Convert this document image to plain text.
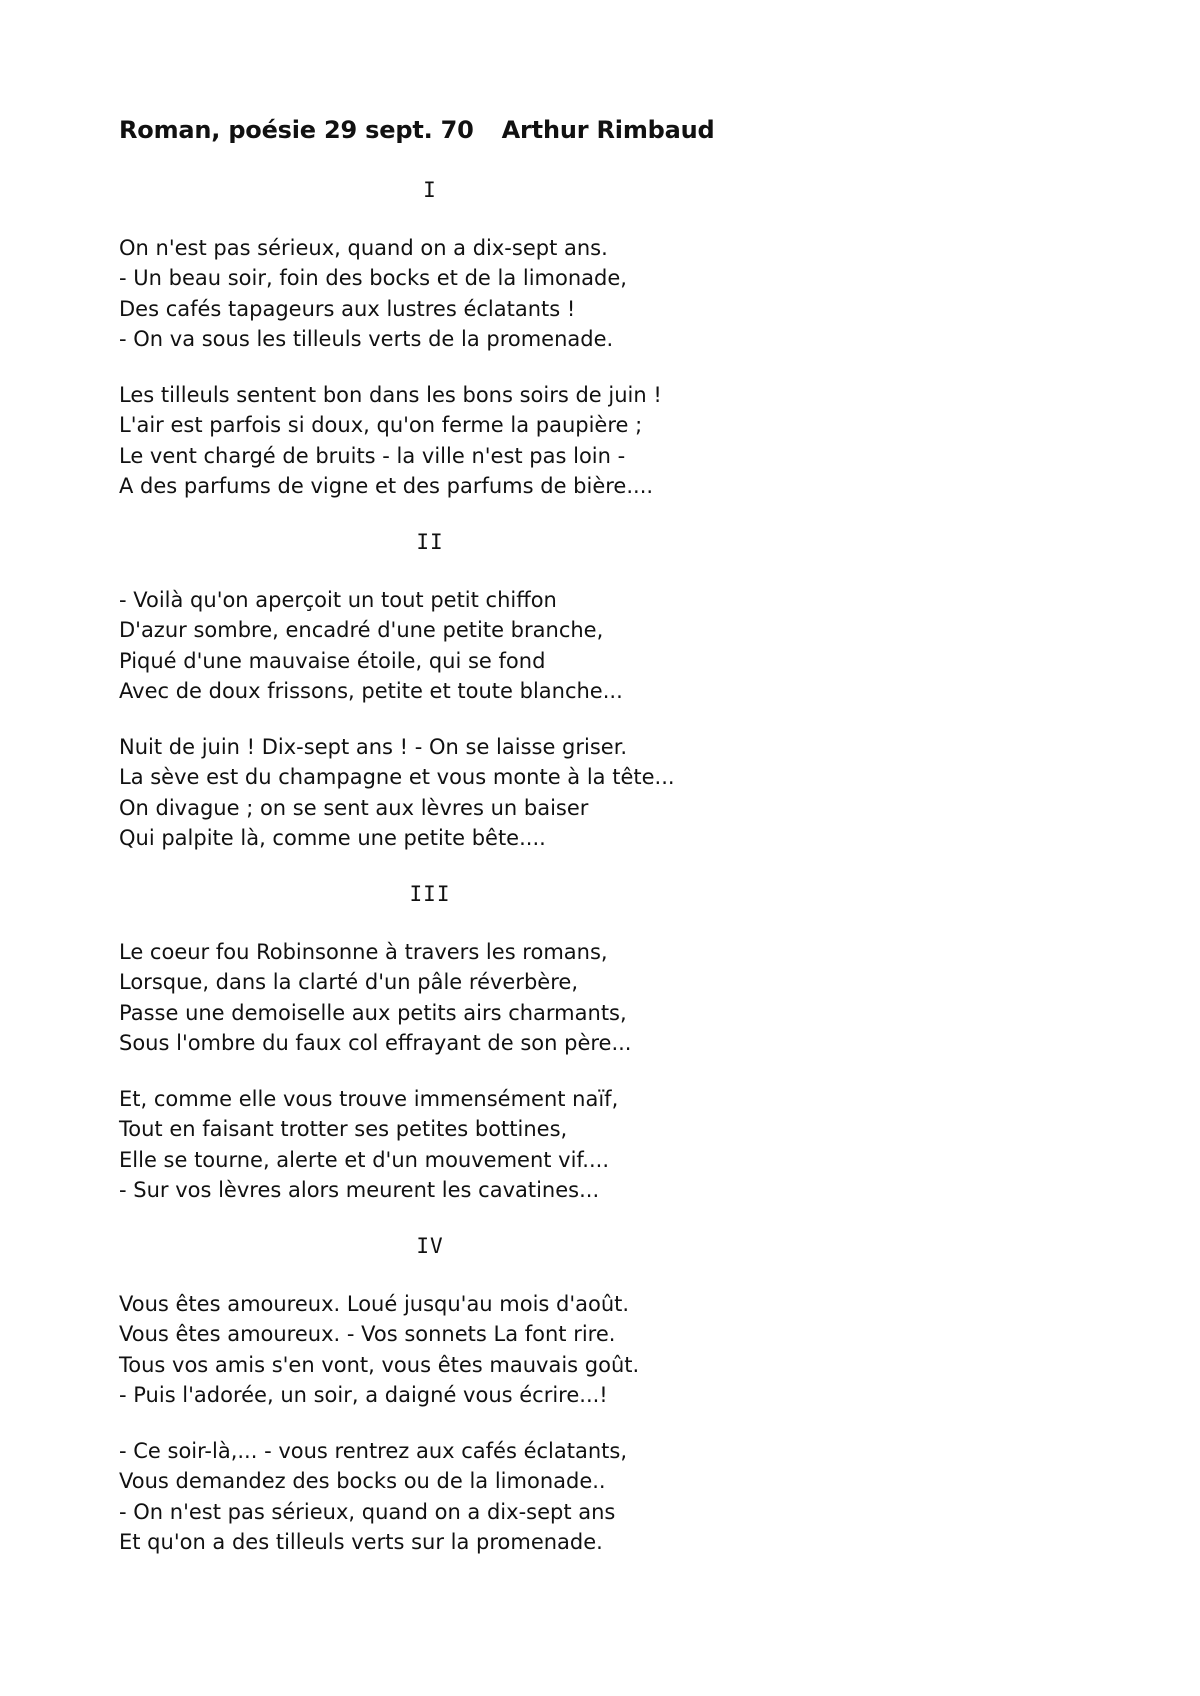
Roman, poésie 29 sept. 70 Arthur Rimbaud
I
On n'est pas sérieux, quand on a dix-sept ans.
- Un beau soir, foin des bocks et de la limonade,
Des cafés tapageurs aux lustres éclatants !
- On va sous les tilleuls verts de la promenade.
Les tilleuls sentent bon dans les bons soirs de juin !
L'air est parfois si doux, qu'on ferme la paupière ;
Le vent chargé de bruits - la ville n'est pas loin -
A des parfums de vigne et des parfums de bière....
II
- Voilà qu'on aperçoit un tout petit chiffon
D'azur sombre, encadré d'une petite branche,
Piqué d'une mauvaise étoile, qui se fond
Avec de doux frissons, petite et toute blanche...
Nuit de juin ! Dix-sept ans ! - On se laisse griser.
La sève est du champagne et vous monte à la tête...
On divague ; on se sent aux lèvres un baiser
Qui palpite là, comme une petite bête....
III
Le coeur fou Robinsonne à travers les romans,
Lorsque, dans la clarté d'un pâle réverbère,
Passe une demoiselle aux petits airs charmants,
Sous l'ombre du faux col effrayant de son père...
Et, comme elle vous trouve immensément naïf,
Tout en faisant trotter ses petites bottines,
Elle se tourne, alerte et d'un mouvement vif....
- Sur vos lèvres alors meurent les cavatines...
IV
Vous êtes amoureux. Loué jusqu'au mois d'août.
Vous êtes amoureux. - Vos sonnets La font rire.
Tous vos amis s'en vont, vous êtes mauvais goût.
- Puis l'adorée, un soir, a daigné vous écrire...!
- Ce soir-là,... - vous rentrez aux cafés éclatants,
Vous demandez des bocks ou de la limonade..
- On n'est pas sérieux, quand on a dix-sept ans
Et qu'on a des tilleuls verts sur la promenade.
